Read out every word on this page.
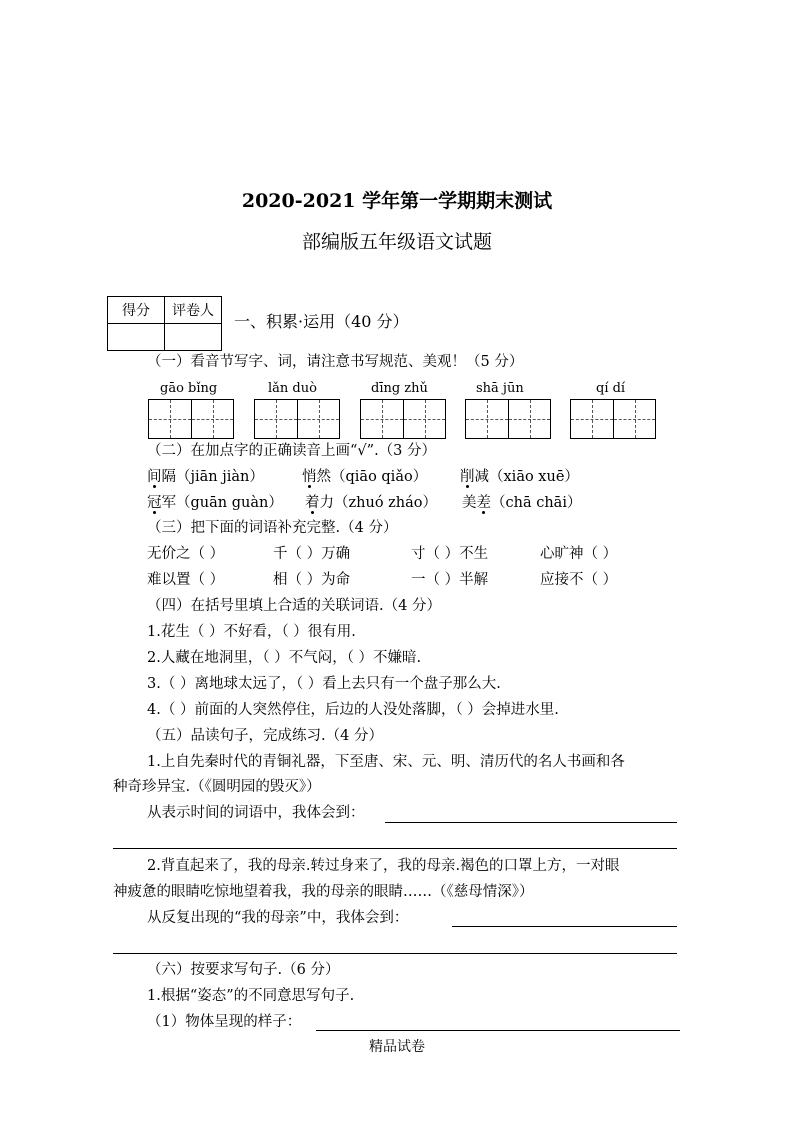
2020-2021 学年第一学期期末测试
部编版五年级语文试题
得分	评卷人

一、积累·运用（40 分）
（一）看音节写字、词，请注意书写规范、美观！（5 分）
gāo bǐng	lǎn duò	dīng zhǔ	shā jūn	qí dí
（二）在加点字的正确读音上画“√”.（3 分）
间隔（jiān jiàn）	悄然（qiāo qiǎo） 削减（xiāo xuē）
冠军（guān guàn） 着力（zhuó zháo） 美差（chā chāi）
（三）把下面的词语补充完整.（4 分）
无价之（ ）	千（ ）万确	寸（ ）不生	心旷神（ ）
难以置（ ）	相（ ）为命	一（ ）半解	应接不（ ）
（四）在括号里填上合适的关联词语.（4 分）
1.花生（ ）不好看，（ ）很有用.
2.人藏在地洞里，（ ）不气闷，（ ）不嫌暗.
3.（ ）离地球太远了，（ ）看上去只有一个盘子那么大.
4.（ ）前面的人突然停住，后边的人没处落脚，（ ）会掉进水里.
（五）品读句子，完成练习.（4 分）
1.上自先秦时代的青铜礼器，下至唐、宋、元、明、清历代的名人书画和各
种奇珍异宝.（《圆明园的毁灭》）
从表示时间的词语中，我体会到：
2.背直起来了，我的母亲.转过身来了，我的母亲.褐色的口罩上方，一对眼
神疲惫的眼睛吃惊地望着我，我的母亲的眼睛……（《慈母情深》）
从反复出现的“我的母亲”中，我体会到：
（六）按要求写句子.（6 分）
1.根据“姿态”的不同意思写句子.
（1）物体呈现的样子：
精品试卷
